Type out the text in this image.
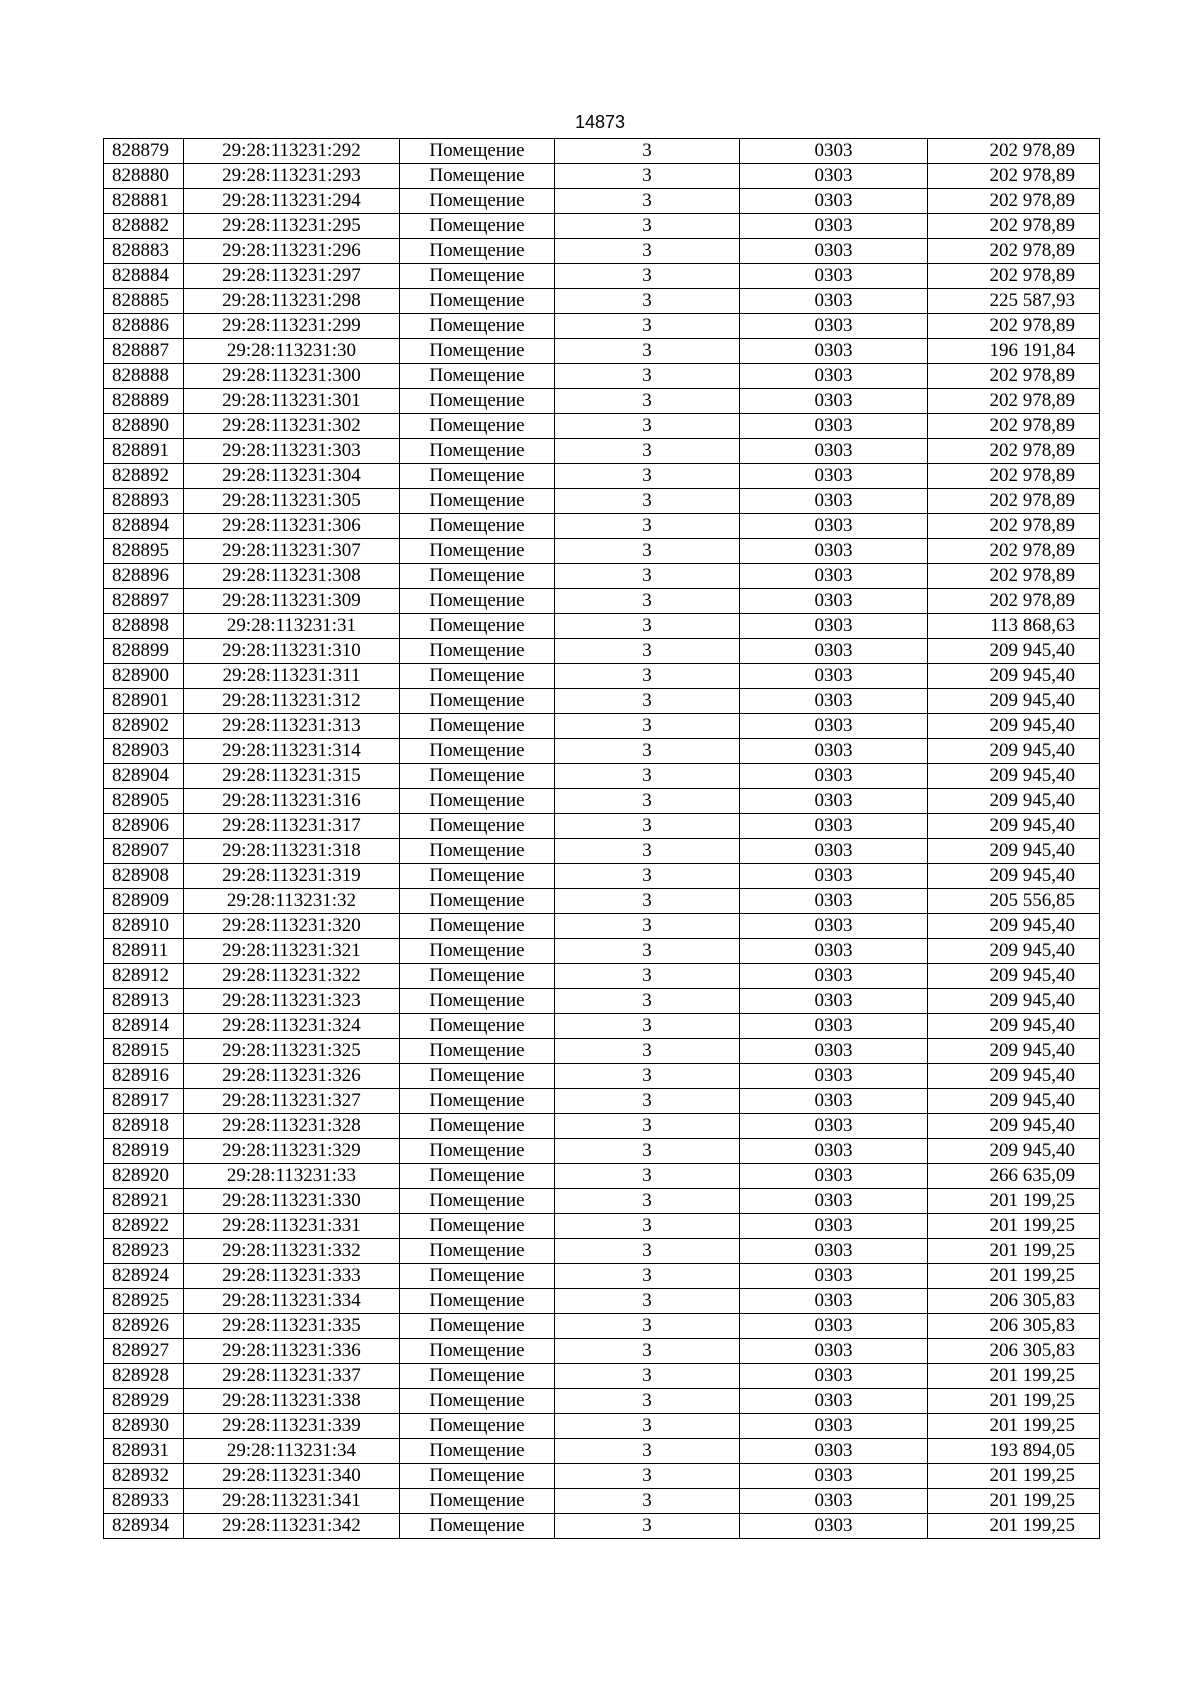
14873
828879	29:28:113231:292	Помещение	3	0303	202 978,89
828880	29:28:113231:293	Помещение	3	0303	202 978,89
828881	29:28:113231:294	Помещение	3	0303	202 978,89
828882	29:28:113231:295	Помещение	3	0303	202 978,89
828883	29:28:113231:296	Помещение	3	0303	202 978,89
828884	29:28:113231:297	Помещение	3	0303	202 978,89
828885	29:28:113231:298	Помещение	3	0303	225 587,93
828886	29:28:113231:299	Помещение	3	0303	202 978,89
828887	29:28:113231:30	Помещение	3	0303	196 191,84
828888	29:28:113231:300	Помещение	3	0303	202 978,89
828889	29:28:113231:301	Помещение	3	0303	202 978,89
828890	29:28:113231:302	Помещение	3	0303	202 978,89
828891	29:28:113231:303	Помещение	3	0303	202 978,89
828892	29:28:113231:304	Помещение	3	0303	202 978,89
828893	29:28:113231:305	Помещение	3	0303	202 978,89
828894	29:28:113231:306	Помещение	3	0303	202 978,89
828895	29:28:113231:307	Помещение	3	0303	202 978,89
828896	29:28:113231:308	Помещение	3	0303	202 978,89
828897	29:28:113231:309	Помещение	3	0303	202 978,89
828898	29:28:113231:31	Помещение	3	0303	113 868,63
828899	29:28:113231:310	Помещение	3	0303	209 945,40
828900	29:28:113231:311	Помещение	3	0303	209 945,40
828901	29:28:113231:312	Помещение	3	0303	209 945,40
828902	29:28:113231:313	Помещение	3	0303	209 945,40
828903	29:28:113231:314	Помещение	3	0303	209 945,40
828904	29:28:113231:315	Помещение	3	0303	209 945,40
828905	29:28:113231:316	Помещение	3	0303	209 945,40
828906	29:28:113231:317	Помещение	3	0303	209 945,40
828907	29:28:113231:318	Помещение	3	0303	209 945,40
828908	29:28:113231:319	Помещение	3	0303	209 945,40
828909	29:28:113231:32	Помещение	3	0303	205 556,85
828910	29:28:113231:320	Помещение	3	0303	209 945,40
828911	29:28:113231:321	Помещение	3	0303	209 945,40
828912	29:28:113231:322	Помещение	3	0303	209 945,40
828913	29:28:113231:323	Помещение	3	0303	209 945,40
828914	29:28:113231:324	Помещение	3	0303	209 945,40
828915	29:28:113231:325	Помещение	3	0303	209 945,40
828916	29:28:113231:326	Помещение	3	0303	209 945,40
828917	29:28:113231:327	Помещение	3	0303	209 945,40
828918	29:28:113231:328	Помещение	3	0303	209 945,40
828919	29:28:113231:329	Помещение	3	0303	209 945,40
828920	29:28:113231:33	Помещение	3	0303	266 635,09
828921	29:28:113231:330	Помещение	3	0303	201 199,25
828922	29:28:113231:331	Помещение	3	0303	201 199,25
828923	29:28:113231:332	Помещение	3	0303	201 199,25
828924	29:28:113231:333	Помещение	3	0303	201 199,25
828925	29:28:113231:334	Помещение	3	0303	206 305,83
828926	29:28:113231:335	Помещение	3	0303	206 305,83
828927	29:28:113231:336	Помещение	3	0303	206 305,83
828928	29:28:113231:337	Помещение	3	0303	201 199,25
828929	29:28:113231:338	Помещение	3	0303	201 199,25
828930	29:28:113231:339	Помещение	3	0303	201 199,25
828931	29:28:113231:34	Помещение	3	0303	193 894,05
828932	29:28:113231:340	Помещение	3	0303	201 199,25
828933	29:28:113231:341	Помещение	3	0303	201 199,25
828934	29:28:113231:342	Помещение	3	0303	201 199,25
